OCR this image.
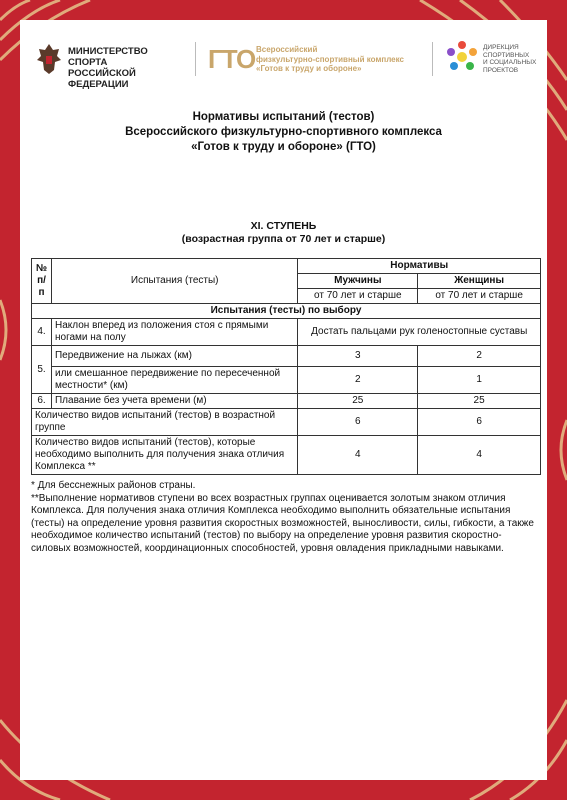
МИНИСТЕРСТВО СПОРТА
РОССИЙСКОЙ ФЕДЕРАЦИИ
ГТО Всероссийский
физкультурно-спортивный комплекс
«Готов к труду и обороне»
ДИРЕКЦИЯ
СПОРТИВНЫХ
И СОЦИАЛЬНЫХ
ПРОЕКТОВ
Нормативы испытаний (тестов)
Всероссийского физкультурно-спортивного комплекса
«Готов к труду и обороне» (ГТО)
XI. СТУПЕНЬ
(возрастная группа от 70 лет и старше)
№ п/п	Испытания (тесты)	Нормативы	
		Мужчины	Женщины
		от 70 лет и старше	от 70 лет и старше
Испытания (тесты) по выбору			
4.	Наклон вперед из положения стоя с прямыми ногами на полу	Достать пальцами рук голеностопные суставы	
5.	Передвижение на лыжах (км)	3	2
	или смешанное передвижение по пересеченной местности* (км)	2	1
6.	Плавание без учета времени (м)	25	25
Количество видов испытаний (тестов) в возрастной группе		6	6
Количество видов испытаний (тестов), которые необходимо выполнить для получения знака отличия Комплекса **		4	4

* Для бесснежных районов страны.

**Выполнение нормативов ступени во всех возрастных группах оценивается золотым знаком отличия Комплекса. Для получения знака отличия Комплекса необходимо выполнить обязательные испытания (тесты) на определение уровня развития скоростных возможностей, выносливости, силы, гибкости, а также необходимое количество испытаний (тестов) по выбору на определение уровня развития скоростно-силовых возможностей, координационных способностей, уровня овладения прикладными навыками.
